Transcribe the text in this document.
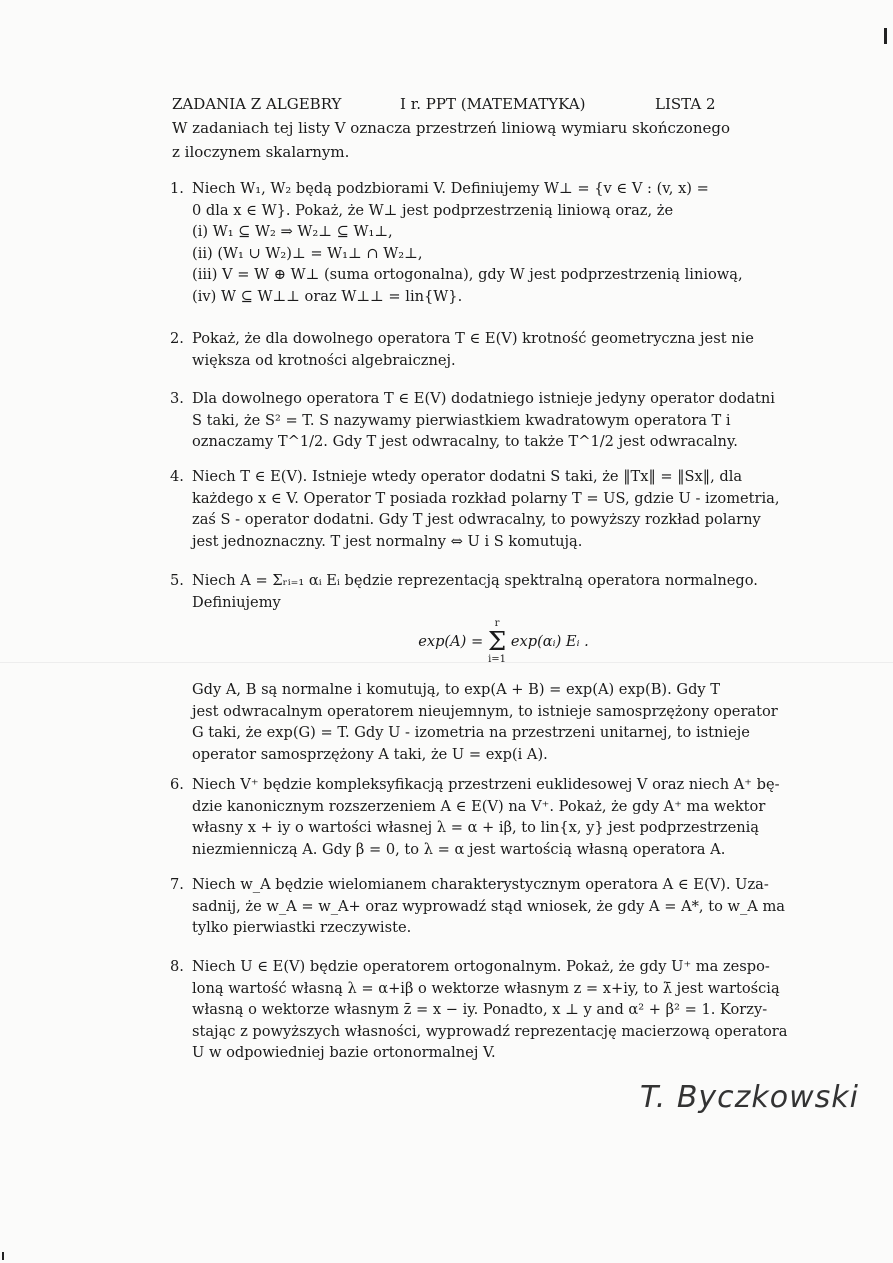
ZADANIA Z ALGEBRY	I r. PPT (MATEMATYKA)	LISTA 2

W zadaniach tej listy V oznacza przestrzeń liniową wymiaru skończonego

z iloczynem skalarnym.

1. Niech W₁, W₂ będą podzbiorami V. Definiujemy W⊥ = {v ∈ V : (v, x) =
0 dla x ∈ W}. Pokaż, że W⊥ jest podprzestrzenią liniową oraz, że
(i) W₁ ⊆ W₂ ⇒ W₂⊥ ⊆ W₁⊥,
(ii) (W₁ ∪ W₂)⊥ = W₁⊥ ∩ W₂⊥,
(iii) V = W ⊕ W⊥ (suma ortogonalna), gdy W jest podprzestrzenią liniową,
(iv) W ⊆ W⊥⊥ oraz W⊥⊥ = lin{W}.
2. Pokaż, że dla dowolnego operatora T ∈ E(V) krotność geometryczna jest nie
większa od krotności algebraicznej.
3. Dla dowolnego operatora T ∈ E(V) dodatniego istnieje jedyny operator dodatni
S taki, że S² = T. S nazywamy pierwiastkiem kwadratowym operatora T i
oznaczamy T^1/2. Gdy T jest odwracalny, to także T^1/2 jest odwracalny.
4. Niech T ∈ E(V). Istnieje wtedy operator dodatni S taki, że ‖Tx‖ = ‖Sx‖, dla
każdego x ∈ V. Operator T posiada rozkład polarny T = US, gdzie U - izometria,
zaś S - operator dodatni. Gdy T jest odwracalny, to powyższy rozkład polarny
jest jednoznaczny. T jest normalny ⇔ U i S komutują.
5. Niech A = Σᵣᵢ₌₁ αᵢ Eᵢ będzie reprezentacją spektralną operatora normalnego.
Definiujemy
exp(A) =
r
Σ
i=1
exp(αᵢ) Eᵢ .
Gdy A, B są normalne i komutują, to exp(A + B) = exp(A) exp(B). Gdy T
jest odwracalnym operatorem nieujemnym, to istnieje samosprzężony operator
G taki, że exp(G) = T. Gdy U - izometria na przestrzeni unitarnej, to istnieje
operator samosprzężony A taki, że U = exp(i A).
6. Niech V⁺ będzie kompleksyfikacją przestrzeni euklidesowej V oraz niech A⁺ bę-
dzie kanonicznym rozszerzeniem A ∈ E(V) na V⁺. Pokaż, że gdy A⁺ ma wektor
własny x + iy o wartości własnej λ = α + iβ, to lin{x, y} jest podprzestrzenią
niezmienniczą A. Gdy β = 0, to λ = α jest wartością własną operatora A.
7. Niech w_A będzie wielomianem charakterystycznym operatora A ∈ E(V). Uza-
sadnij, że w_A = w_A+ oraz wyprowadź stąd wniosek, że gdy A = A*, to w_A ma
tylko pierwiastki rzeczywiste.
8. Niech U ∈ E(V) będzie operatorem ortogonalnym. Pokaż, że gdy U⁺ ma zespo-
loną wartość własną λ = α+iβ o wektorze własnym z = x+iy, to λ̄ jest wartością
własną o wektorze własnym z̄ = x − iy. Ponadto, x ⊥ y and α² + β² = 1. Korzy-
stając z powyższych własności, wyprowadź reprezentację macierzową operatora
U w odpowiedniej bazie ortonormalnej V.
T. Byczkowski
